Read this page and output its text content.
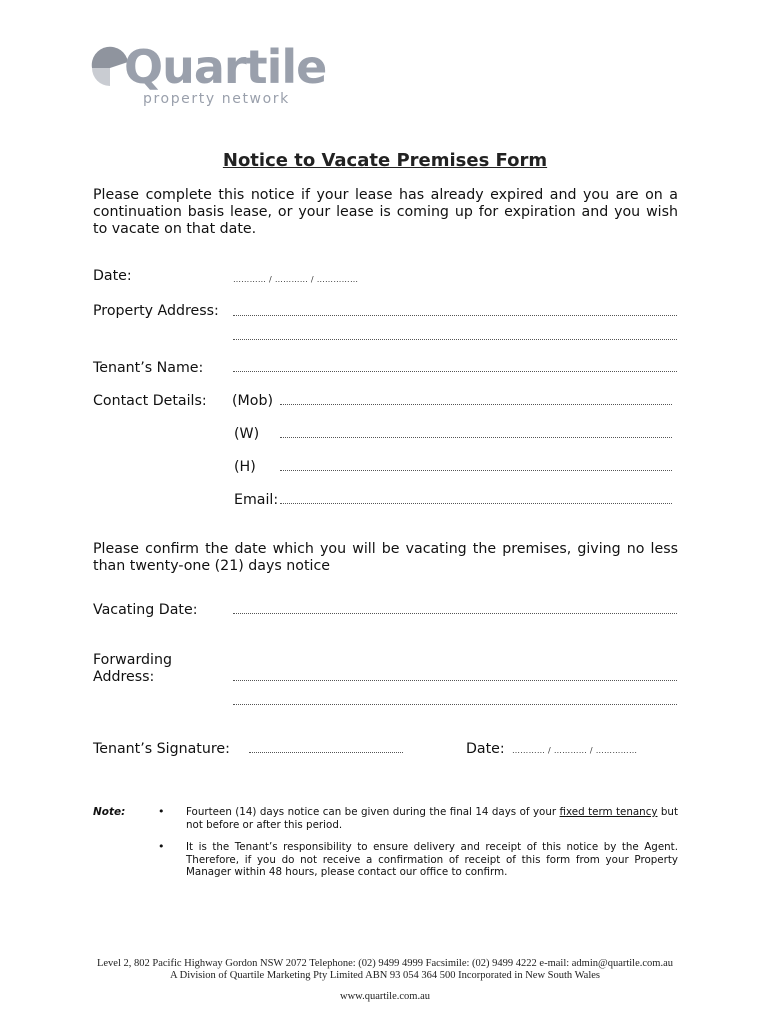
Quartile
property network
Notice to Vacate Premises Form
Please complete this notice if your lease has already expired and you are on a continuation basis lease, or your lease is coming up for expiration and you wish to vacate on that date.
Date:	………… / ………… / ……………
Property Address:
Tenant’s Name:
Contact Details: (Mob)
(W)
(H)
Email:
Please confirm the date which you will be vacating the premises, giving no less than twenty-one (21) days notice
Vacating Date:
Forwarding
Address:
Tenant’s Signature:	Date: ………… / ………… / ……………
Note:	• Fourteen (14) days notice can be given during the final 14 days of your fixed term tenancy but not before or after this period.
• It is the Tenant’s responsibility to ensure delivery and receipt of this notice by the Agent. Therefore, if you do not receive a confirmation of receipt of this form from your Property Manager within 48 hours, please contact our office to confirm.
Level 2, 802 Pacific Highway Gordon NSW 2072 Telephone: (02) 9499 4999 Facsimile: (02) 9499 4222 e-mail: admin@quartile.com.au
A Division of Quartile Marketing Pty Limited ABN 93 054 364 500 Incorporated in New South Wales
www.quartile.com.au
